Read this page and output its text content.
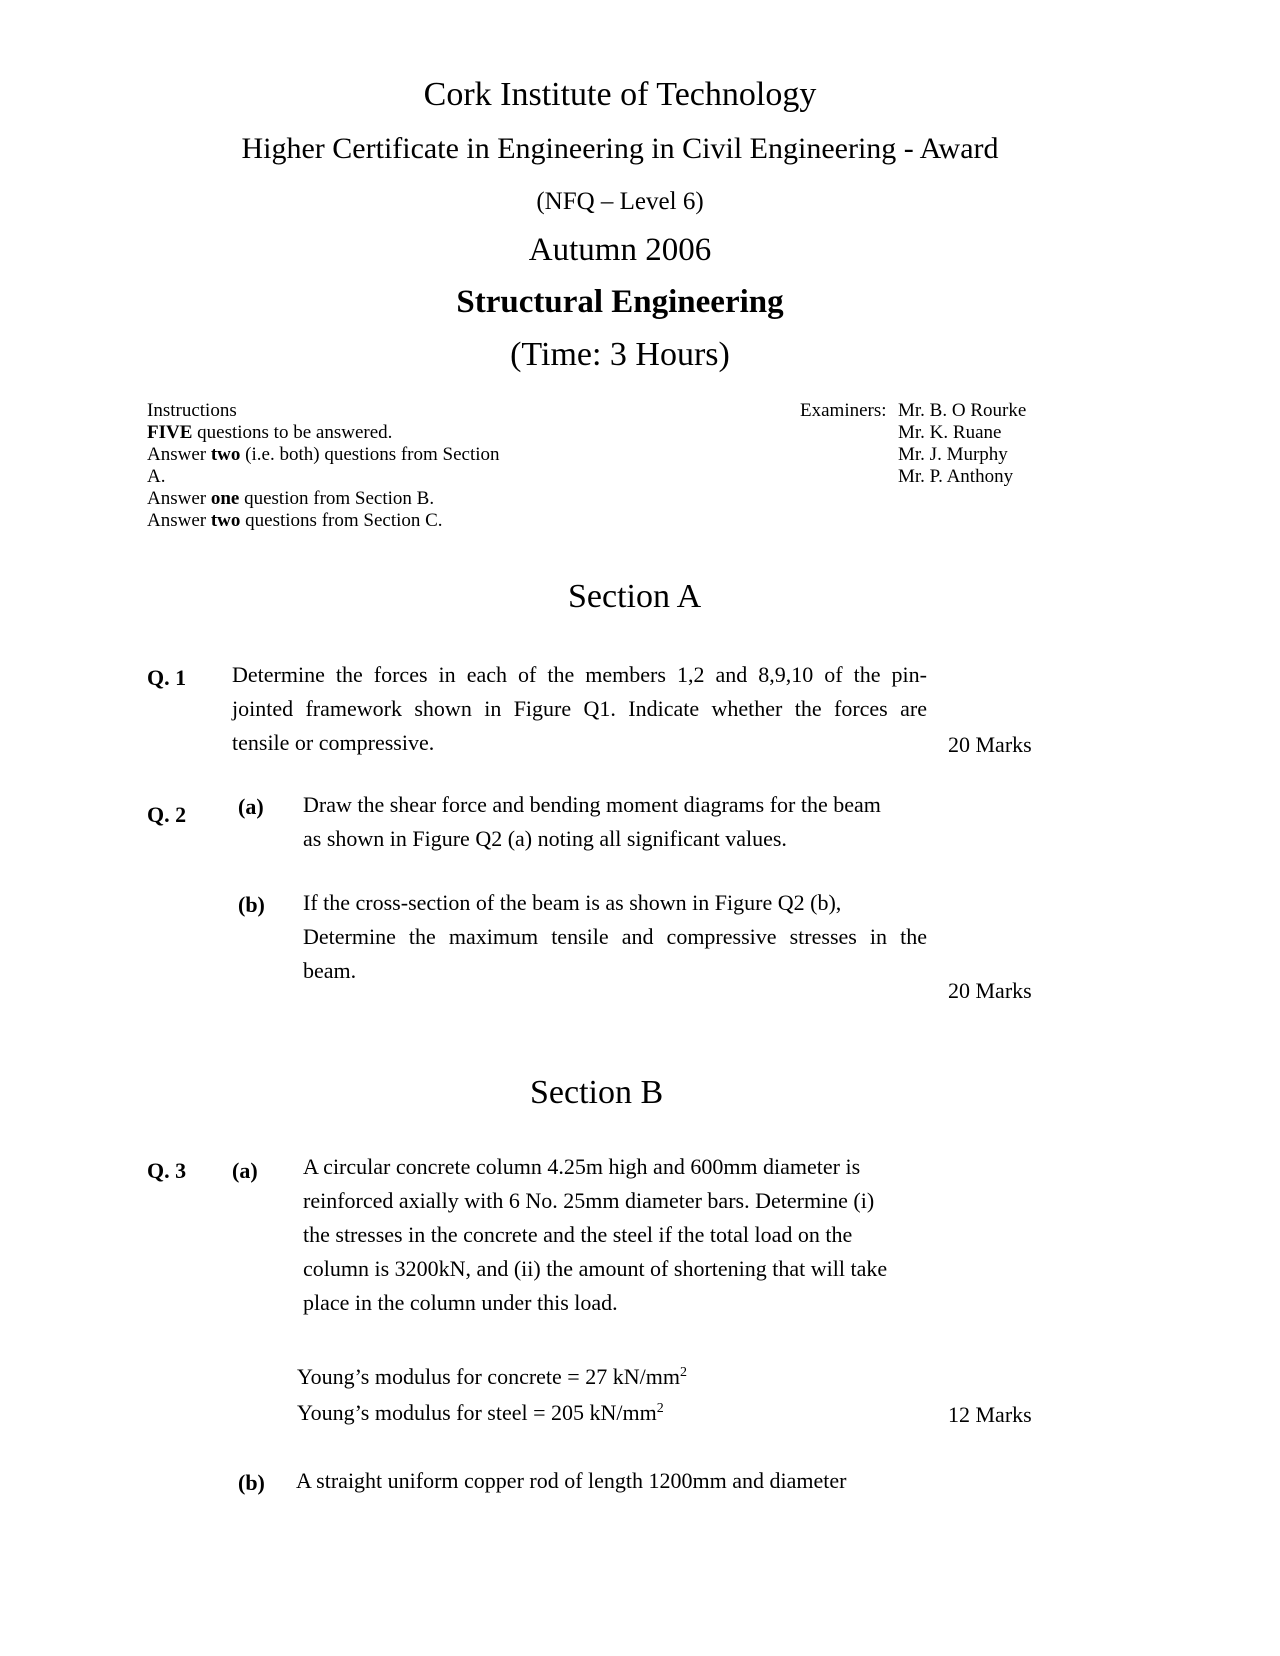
Cork Institute of Technology
Higher Certificate in Engineering in Civil Engineering - Award
(NFQ – Level 6)
Autumn 2006
Structural Engineering
(Time: 3 Hours)
Instructions
FIVE questions to be answered.
Answer two (i.e. both) questions from Section
A.
Answer one question from Section B.
Answer two questions from Section C.
Examiners: Mr. B. O Rourke
Mr. K. Ruane
Mr. J. Murphy
Mr. P. Anthony
Section A
Q. 1 Determine the forces in each of the members 1,2 and 8,9,10 of the pin-
jointed framework shown in Figure Q1. Indicate whether the forces are
tensile or compressive.	20 Marks
Q. 2 (a) Draw the shear force and bending moment diagrams for the beam
as shown in Figure Q2 (a) noting all significant values.
(b) If the cross-section of the beam is as shown in Figure Q2 (b),
Determine the maximum tensile and compressive stresses in the
beam.
20 Marks
Section B
Q. 3 (a) A circular concrete column 4.25m high and 600mm diameter is
reinforced axially with 6 No. 25mm diameter bars. Determine (i)
the stresses in the concrete and the steel if the total load on the
column is 3200kN, and (ii) the amount of shortening that will take
place in the column under this load.
Young’s modulus for concrete = 27 $kN/mm^2$
Young’s modulus for steel = 205 $kN/mm^2$	12 Marks
(b) A straight uniform copper rod of length 1200mm and diameter
